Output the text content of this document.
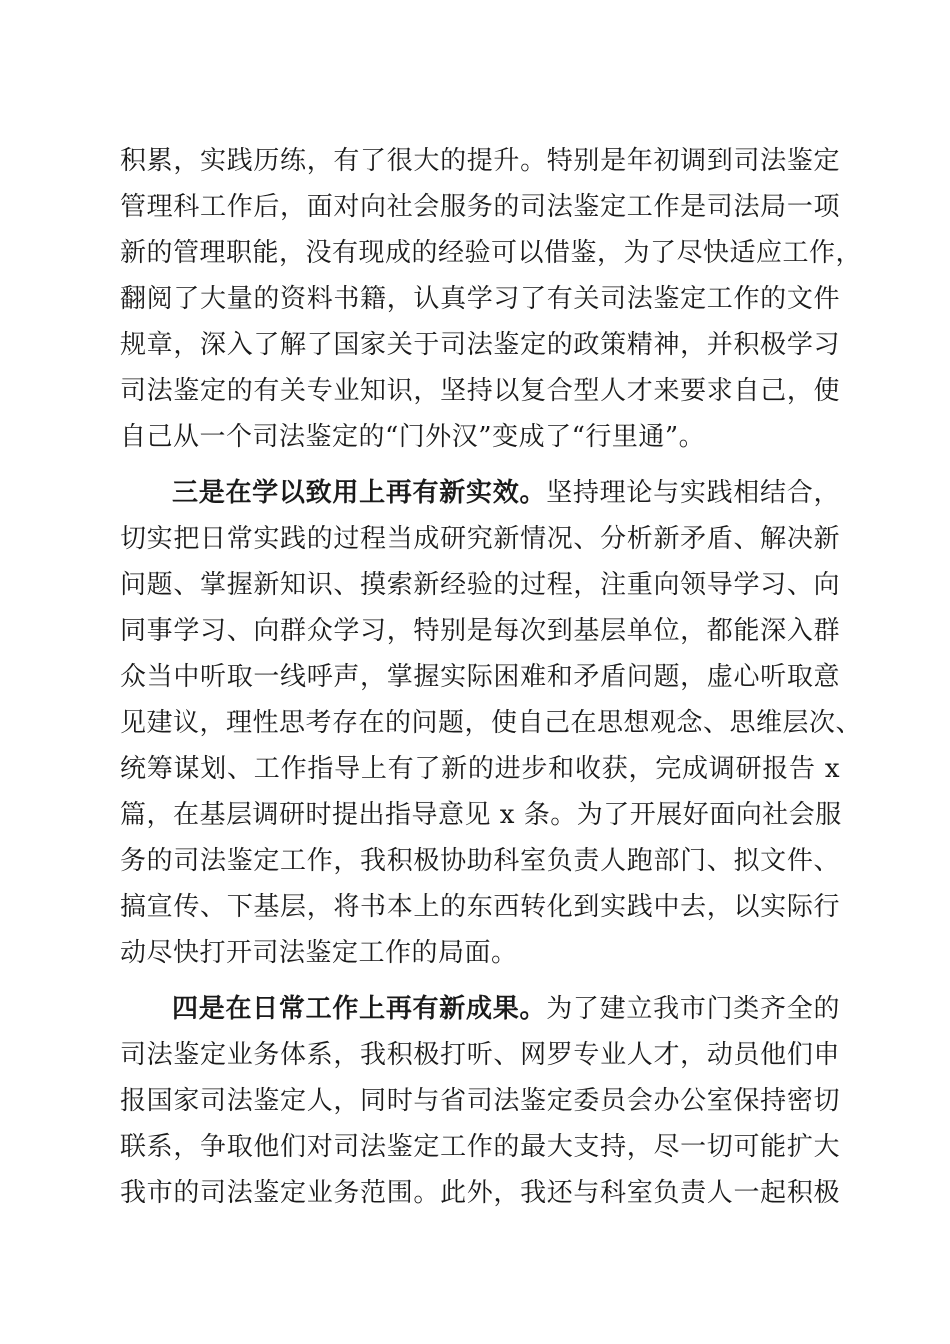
积累，实践历练，有了很大的提升。特别是年初调到司法鉴定
管理科工作后，面对向社会服务的司法鉴定工作是司法局一项
新的管理职能，没有现成的经验可以借鉴，为了尽快适应工作，
翻阅了大量的资料书籍，认真学习了有关司法鉴定工作的文件
规章，深入了解了国家关于司法鉴定的政策精神，并积极学习
司法鉴定的有关专业知识，坚持以复合型人才来要求自己，使
自己从一个司法鉴定的“门外汉”变成了“行里通”。
三是在学以致用上再有新实效。坚持理论与实践相结合，
切实把日常实践的过程当成研究新情况、分析新矛盾、解决新
问题、掌握新知识、摸索新经验的过程，注重向领导学习、向
同事学习、向群众学习，特别是每次到基层单位，都能深入群
众当中听取一线呼声，掌握实际困难和矛盾问题，虚心听取意
见建议，理性思考存在的问题，使自己在思想观念、思维层次、
统筹谋划、工作指导上有了新的进步和收获，完成调研报告 x
篇，在基层调研时提出指导意见 x 条。为了开展好面向社会服
务的司法鉴定工作，我积极协助科室负责人跑部门、拟文件、
搞宣传、下基层，将书本上的东西转化到实践中去，以实际行
动尽快打开司法鉴定工作的局面。
四是在日常工作上再有新成果。为了建立我市门类齐全的
司法鉴定业务体系，我积极打听、网罗专业人才，动员他们申
报国家司法鉴定人，同时与省司法鉴定委员会办公室保持密切
联系，争取他们对司法鉴定工作的最大支持，尽一切可能扩大
我市的司法鉴定业务范围。此外，我还与科室负责人一起积极
